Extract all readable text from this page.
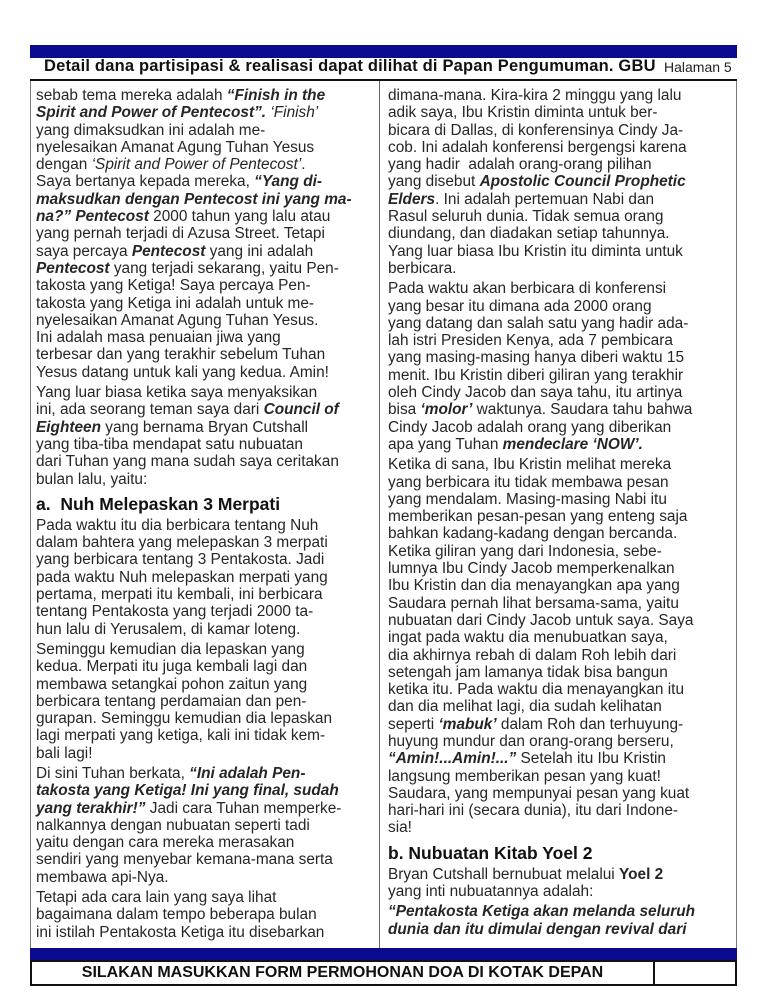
Detail dana partisipasi & realisasi dapat dilihat di Papan Pengumuman. GBU Halaman 5
sebab tema mereka adalah “Finish in the
Spirit and Power of Pentecost”. ‘Finish’
yang dimaksudkan ini adalah me-
nyelesaikan Amanat Agung Tuhan Yesus
dengan ‘Spirit and Power of Pentecost’.
Saya bertanya kepada mereka, “Yang di-
maksudkan dengan Pentecost ini yang ma-
na?” Pentecost 2000 tahun yang lalu atau
yang pernah terjadi di Azusa Street. Tetapi
saya percaya Pentecost yang ini adalah
Pentecost yang terjadi sekarang, yaitu Pen-
takosta yang Ketiga! Saya percaya Pen-
takosta yang Ketiga ini adalah untuk me-
nyelesaikan Amanat Agung Tuhan Yesus.
Ini adalah masa penuaian jiwa yang
terbesar dan yang terakhir sebelum Tuhan
Yesus datang untuk kali yang kedua. Amin!
Yang luar biasa ketika saya menyaksikan
ini, ada seorang teman saya dari Council of
Eighteen yang bernama Bryan Cutshall
yang tiba-tiba mendapat satu nubuatan
dari Tuhan yang mana sudah saya ceritakan
bulan lalu, yaitu:
a.  Nuh Melepaskan 3 Merpati
Pada waktu itu dia berbicara tentang Nuh
dalam bahtera yang melepaskan 3 merpati
yang berbicara tentang 3 Pentakosta. Jadi
pada waktu Nuh melepaskan merpati yang
pertama, merpati itu kembali, ini berbicara
tentang Pentakosta yang terjadi 2000 ta-
hun lalu di Yerusalem, di kamar loteng.
Seminggu kemudian dia lepaskan yang
kedua. Merpati itu juga kembali lagi dan
membawa setangkai pohon zaitun yang
berbicara tentang perdamaian dan pen-
gurapan. Seminggu kemudian dia lepaskan
lagi merpati yang ketiga, kali ini tidak kem-
bali lagi!
Di sini Tuhan berkata, “Ini adalah Pen-
takosta yang Ketiga! Ini yang final, sudah
yang terakhir!” Jadi cara Tuhan memperke-
nalkannya dengan nubuatan seperti tadi
yaitu dengan cara mereka merasakan
sendiri yang menyebar kemana-mana serta
membawa api-Nya.
Tetapi ada cara lain yang saya lihat
bagaimana dalam tempo beberapa bulan
ini istilah Pentakosta Ketiga itu disebarkan
dimana-mana. Kira-kira 2 minggu yang lalu
adik saya, Ibu Kristin diminta untuk ber-
bicara di Dallas, di konferensinya Cindy Ja-
cob. Ini adalah konferensi bergengsi karena
yang hadir  adalah orang-orang pilihan
yang disebut Apostolic Council Prophetic
Elders. Ini adalah pertemuan Nabi dan
Rasul seluruh dunia. Tidak semua orang
diundang, dan diadakan setiap tahunnya.
Yang luar biasa Ibu Kristin itu diminta untuk
berbicara.
Pada waktu akan berbicara di konferensi
yang besar itu dimana ada 2000 orang
yang datang dan salah satu yang hadir ada-
lah istri Presiden Kenya, ada 7 pembicara
yang masing-masing hanya diberi waktu 15
menit. Ibu Kristin diberi giliran yang terakhir
oleh Cindy Jacob dan saya tahu, itu artinya
bisa ‘molor’ waktunya. Saudara tahu bahwa
Cindy Jacob adalah orang yang diberikan
apa yang Tuhan mendeclare ‘NOW’.
Ketika di sana, Ibu Kristin melihat mereka
yang berbicara itu tidak membawa pesan
yang mendalam. Masing-masing Nabi itu
memberikan pesan-pesan yang enteng saja
bahkan kadang-kadang dengan bercanda.
Ketika giliran yang dari Indonesia, sebe-
lumnya Ibu Cindy Jacob memperkenalkan
Ibu Kristin dan dia menayangkan apa yang
Saudara pernah lihat bersama-sama, yaitu
nubuatan dari Cindy Jacob untuk saya. Saya
ingat pada waktu dia menubuatkan saya,
dia akhirnya rebah di dalam Roh lebih dari
setengah jam lamanya tidak bisa bangun
ketika itu. Pada waktu dia menayangkan itu
dan dia melihat lagi, dia sudah kelihatan
seperti ‘mabuk’ dalam Roh dan terhuyung-
huyung mundur dan orang-orang berseru,
“Amin!...Amin!...” Setelah itu Ibu Kristin
langsung memberikan pesan yang kuat!
Saudara, yang mempunyai pesan yang kuat
hari-hari ini (secara dunia), itu dari Indone-
sia!
b. Nubuatan Kitab Yoel 2
Bryan Cutshall bernubuat melalui Yoel 2
yang inti nubuatannya adalah:
“Pentakosta Ketiga akan melanda seluruh
dunia dan itu dimulai dengan revival dari
SILAKAN MASUKKAN FORM PERMOHONAN DOA DI KOTAK DEPAN
